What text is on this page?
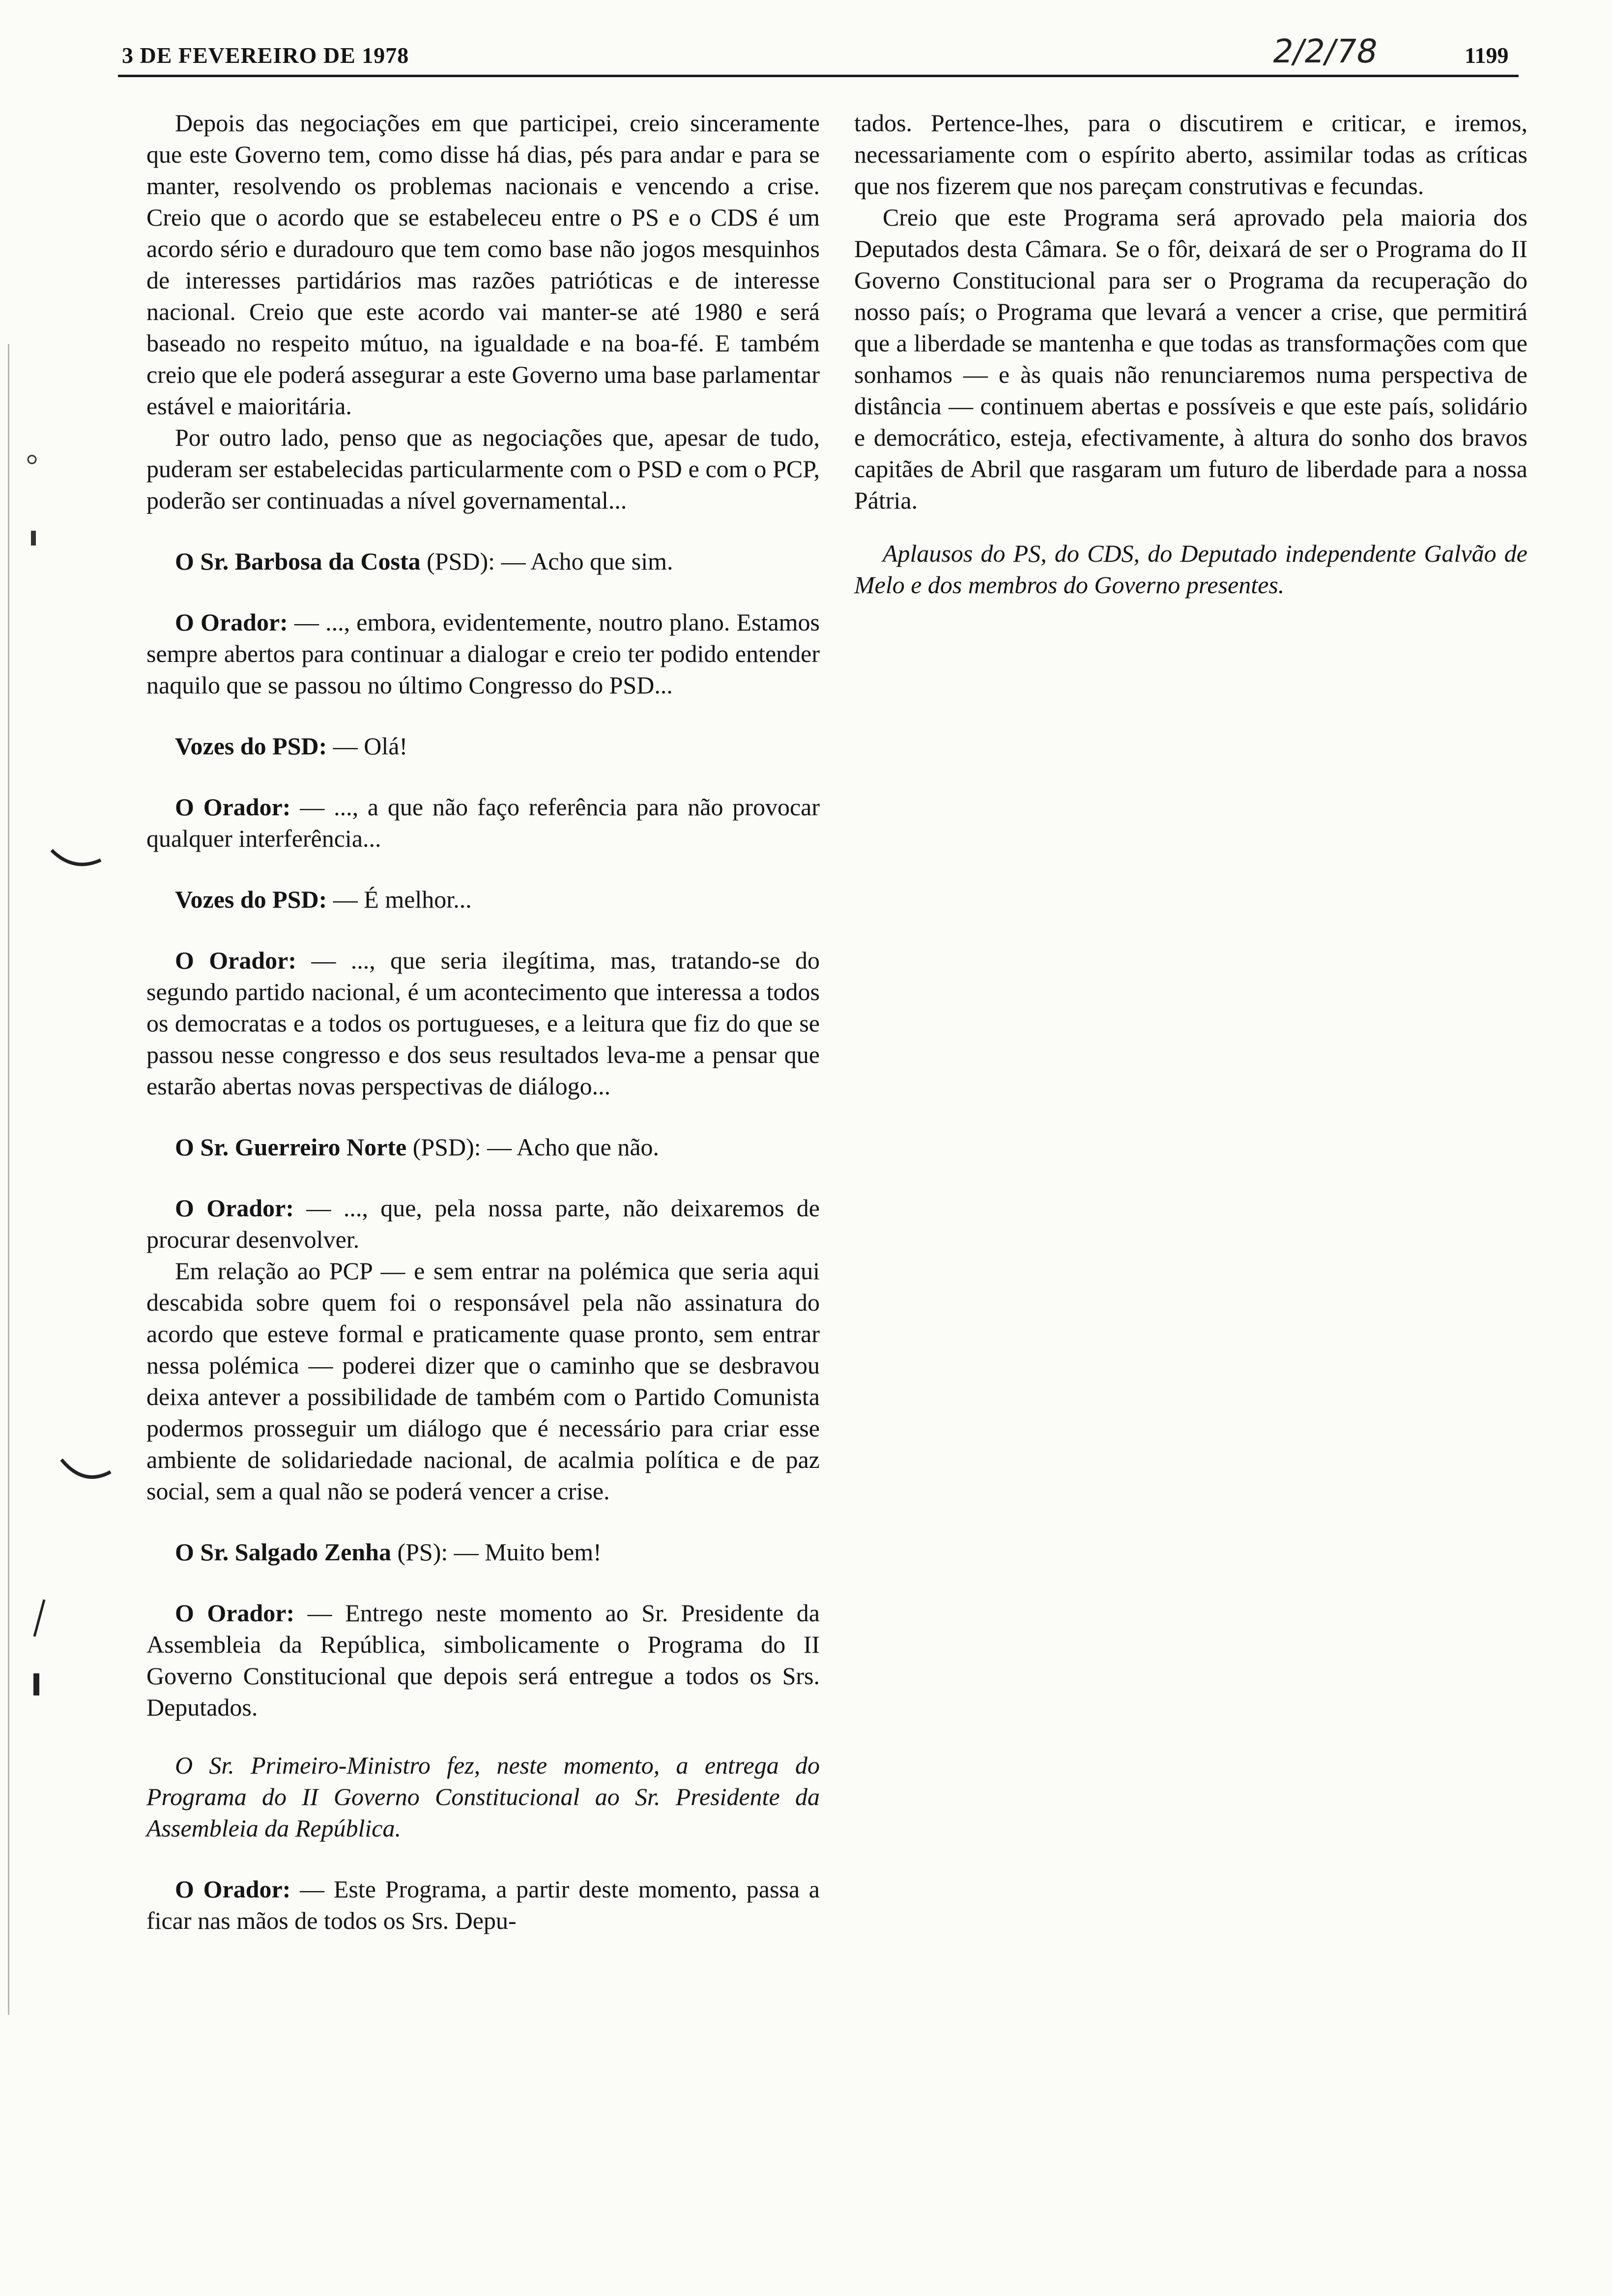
3 DE FEVEREIRO DE 1978	2/2/78	1199

Depois das negociações em que participei, creio sinceramente que este Governo tem, como disse há dias, pés para andar e para se manter, resolvendo os problemas nacionais e vencendo a crise. Creio que o acordo que se estabeleceu entre o PS e o CDS é um acordo sério e duradouro que tem como base não jogos mesquinhos de interesses partidários mas razões patrióticas e de interesse nacional. Creio que este acordo vai manter-se até 1980 e será baseado no respeito mútuo, na igualdade e na boa-fé. E também creio que ele poderá assegurar a este Governo uma base parlamentar estável e maioritária.

Por outro lado, penso que as negociações que, apesar de tudo, puderam ser estabelecidas particularmente com o PSD e com o PCP, poderão ser continuadas a nível governamental...

O Sr. Barbosa da Costa (PSD): — Acho que sim.

O Orador: — ..., embora, evidentemente, noutro plano. Estamos sempre abertos para continuar a dialogar e creio ter podido entender naquilo que se passou no último Congresso do PSD...

Vozes do PSD: — Olá!

O Orador: — ..., a que não faço referência para não provocar qualquer interferência...

Vozes do PSD: — É melhor...

O Orador: — ..., que seria ilegítima, mas, tratando-se do segundo partido nacional, é um acontecimento que interessa a todos os democratas e a todos os portugueses, e a leitura que fiz do que se passou nesse congresso e dos seus resultados leva-me a pensar que estarão abertas novas perspectivas de diálogo...

O Sr. Guerreiro Norte (PSD): — Acho que não.

O Orador: — ..., que, pela nossa parte, não deixaremos de procurar desenvolver.

Em relação ao PCP — e sem entrar na polémica que seria aqui descabida sobre quem foi o responsável pela não assinatura do acordo que esteve formal e praticamente quase pronto, sem entrar nessa polémica — poderei dizer que o caminho que se desbravou deixa antever a possibilidade de também com o Partido Comunista podermos prosseguir um diálogo que é necessário para criar esse ambiente de solidariedade nacional, de acalmia política e de paz social, sem a qual não se poderá vencer a crise.

O Sr. Salgado Zenha (PS): — Muito bem!

O Orador: — Entrego neste momento ao Sr. Presidente da Assembleia da República, simbolicamente o Programa do II Governo Constitucional que depois será entregue a todos os Srs. Deputados.

O Sr. Primeiro-Ministro fez, neste momento, a entrega do Programa do II Governo Constitucional ao Sr. Presidente da Assembleia da República.

O Orador: — Este Programa, a partir deste momento, passa a ficar nas mãos de todos os Srs. Depu-

tados. Pertence-lhes, para o discutirem e criticar, e iremos, necessariamente com o espírito aberto, assimilar todas as críticas que nos fizerem que nos pareçam construtivas e fecundas.

Creio que este Programa será aprovado pela maioria dos Deputados desta Câmara. Se o fôr, deixará de ser o Programa do II Governo Constitucional para ser o Programa da recuperação do nosso país; o Programa que levará a vencer a crise, que permitirá que a liberdade se mantenha e que todas as transformações com que sonhamos — e às quais não renunciaremos numa perspectiva de distância — continuem abertas e possíveis e que este país, solidário e democrático, esteja, efectivamente, à altura do sonho dos bravos capitães de Abril que rasgaram um futuro de liberdade para a nossa Pátria.

Aplausos do PS, do CDS, do Deputado independente Galvão de Melo e dos membros do Governo presentes.
